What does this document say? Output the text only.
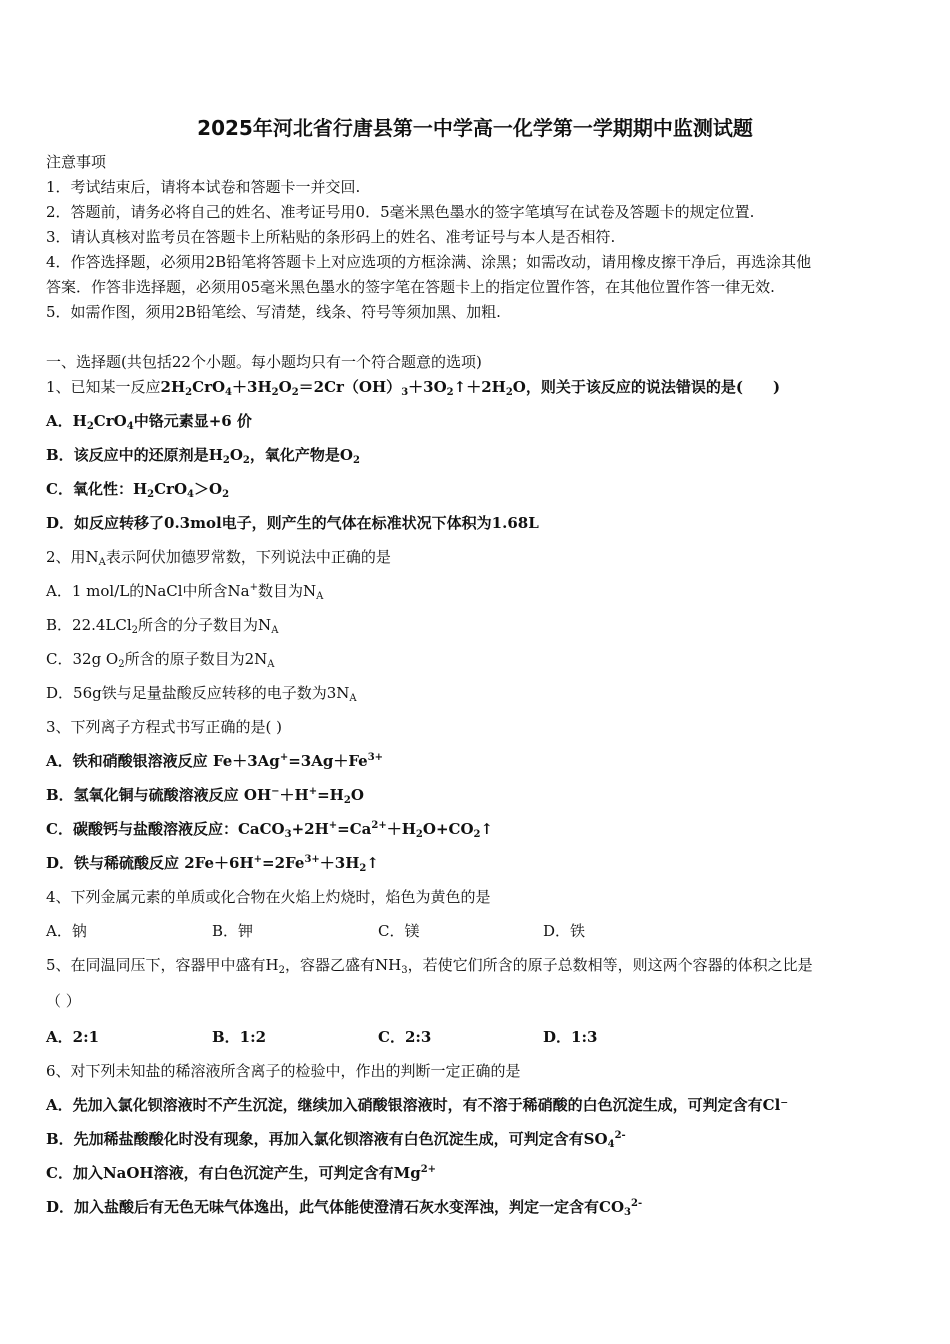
2025年河北省行唐县第一中学高一化学第一学期期中监测试题
注意事项
1．考试结束后，请将本试卷和答题卡一并交回.
2．答题前，请务必将自己的姓名、准考证号用0．5毫米黑色墨水的签字笔填写在试卷及答题卡的规定位置.
3．请认真核对监考员在答题卡上所粘贴的条形码上的姓名、准考证号与本人是否相符.
4．作答选择题，必须用2B铅笔将答题卡上对应选项的方框涂满、涂黑；如需改动，请用橡皮擦干净后，再选涂其他
答案．作答非选择题，必须用05毫米黑色墨水的签字笔在答题卡上的指定位置作答，在其他位置作答一律无效.
5．如需作图，须用2B铅笔绘、写清楚，线条、符号等须加黑、加粗.
一、选择题(共包括22个小题。每小题均只有一个符合题意的选项)
1、已知某一反应$2H_2CrO_4+3H_2O_2=2Cr(OH)_3+3O_2↑+2H_2O$，则关于该反应的说法错误的是(　　)
A．$H_2CrO_4$中铬元素显+6 价
B．该反应中的还原剂是$H_2O_2$，氧化产物是$O_2$
C．氧化性：$H_2CrO_4>O_2$
D．如反应转移了0.3mol电子，则产生的气体在标准状况下体积为1.68L
2、用$N_A$表示阿伏加德罗常数，下列说法中正确的是
A．1 mol/L的NaCl中所含Na+数目为$N_A$
B．22.4LCl$_2$所含的分子数目为$N_A$
C．32g $O_2$所含的原子数目为$2N_A$
D．56g铁与足量盐酸反应转移的电子数为$3N_A$
3、下列离子方程式书写正确的是( )
A．铁和硝酸银溶液反应 $Fe+3Ag^+=3Ag+Fe^{3+}$
B．氢氧化铜与硫酸溶液反应 $OH^-+H^+=H_2O$
C．碳酸钙与盐酸溶液反应：$CaCO_3+2H^+=Ca^{2+}+H_2O+CO_2↑$
D．铁与稀硫酸反应 $2Fe+6H^+=2Fe^{3+}+3H_2↑$
4、下列金属元素的单质或化合物在火焰上灼烧时，焰色为黄色的是
A．钠	B．钾	C．镁	D．铁
5、在同温同压下，容器甲中盛有$H_2$，容器乙盛有$NH_3$，若使它们所含的原子总数相等，则这两个容器的体积之比是
（ ）
A．2:1	B．1:2	C．2:3	D．1:3
6、对下列未知盐的稀溶液所含离子的检验中，作出的判断一定正确的是
A．先加入氯化钡溶液时不产生沉淀，继续加入硝酸银溶液时，有不溶于稀硝酸的白色沉淀生成，可判定含有Cl⁻
B．先加稀盐酸酸化时没有现象，再加入氯化钡溶液有白色沉淀生成，可判定含有$SO_4^{2-}$
C．加入NaOH溶液，有白色沉淀产生，可判定含有$Mg^{2+}$
D．加入盐酸后有无色无味气体逸出，此气体能使澄清石灰水变浑浊，判定一定含有$CO_3^{2-}$
